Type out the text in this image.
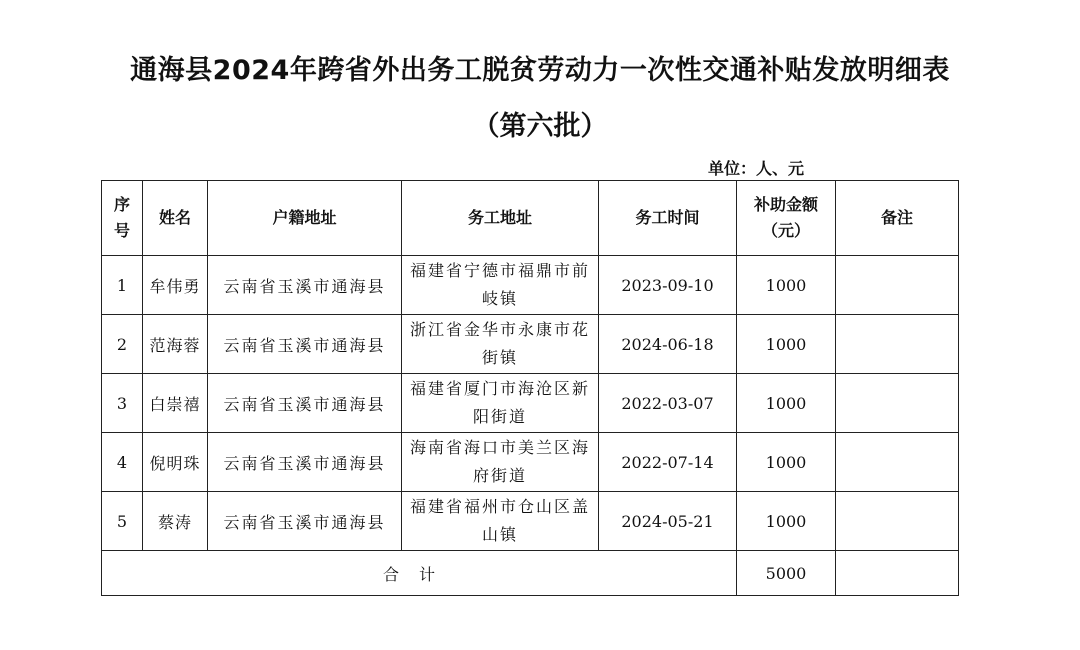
通海县2024年跨省外出务工脱贫劳动力一次性交通补贴发放明细表
（第六批）
单位：人、元
序号	姓名	户籍地址	务工地址	务工时间	补助金额（元）	备注
1	牟伟勇	云南省玉溪市通海县	福建省宁德市福鼎市前岐镇	2023-09-10	1000	
2	范海蓉	云南省玉溪市通海县	浙江省金华市永康市花街镇	2024-06-18	1000	
3	白崇禧	云南省玉溪市通海县	福建省厦门市海沧区新阳街道	2022-03-07	1000	
4	倪明珠	云南省玉溪市通海县	海南省海口市美兰区海府街道	2022-07-14	1000	
5	蔡涛	云南省玉溪市通海县	福建省福州市仓山区盖山镇	2024-05-21	1000	
合计					5000	
